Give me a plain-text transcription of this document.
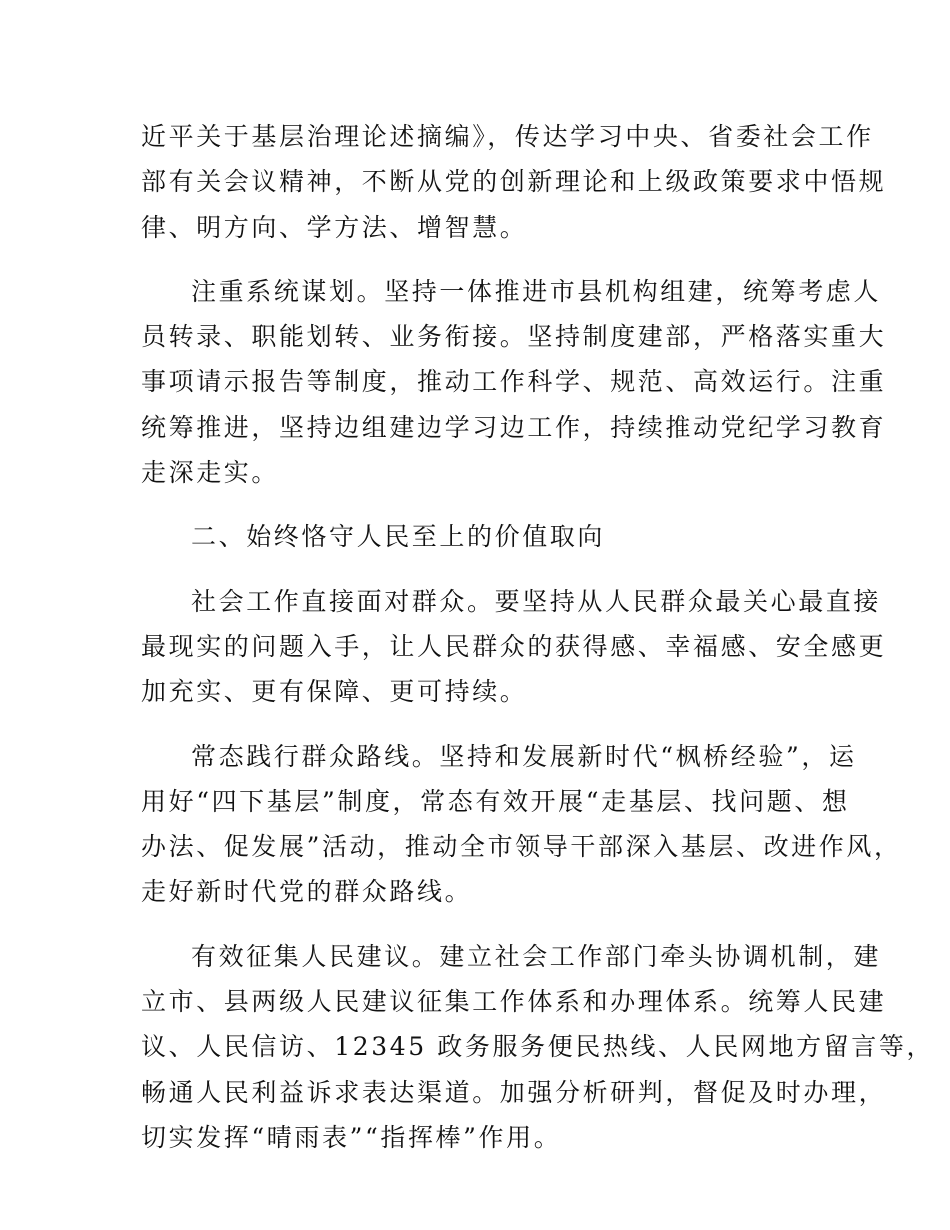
近平关于基层治理论述摘编》，传达学习中央、省委社会工作
部有关会议精神，不断从党的创新理论和上级政策要求中悟规
律、明方向、学方法、增智慧。

注重系统谋划。坚持一体推进市县机构组建，统筹考虑人
员转录、职能划转、业务衔接。坚持制度建部，严格落实重大
事项请示报告等制度，推动工作科学、规范、高效运行。注重
统筹推进，坚持边组建边学习边工作，持续推动党纪学习教育
走深走实。

二、始终恪守人民至上的价值取向

社会工作直接面对群众。要坚持从人民群众最关心最直接
最现实的问题入手，让人民群众的获得感、幸福感、安全感更
加充实、更有保障、更可持续。

常态践行群众路线。坚持和发展新时代“枫桥经验”，运
用好“四下基层”制度，常态有效开展“走基层、找问题、想
办法、促发展”活动，推动全市领导干部深入基层、改进作风，
走好新时代党的群众路线。

有效征集人民建议。建立社会工作部门牵头协调机制，建
立市、县两级人民建议征集工作体系和办理体系。统筹人民建
议、人民信访、12345 政务服务便民热线、人民网地方留言等，
畅通人民利益诉求表达渠道。加强分析研判，督促及时办理，
切实发挥“晴雨表”“指挥棒”作用。
